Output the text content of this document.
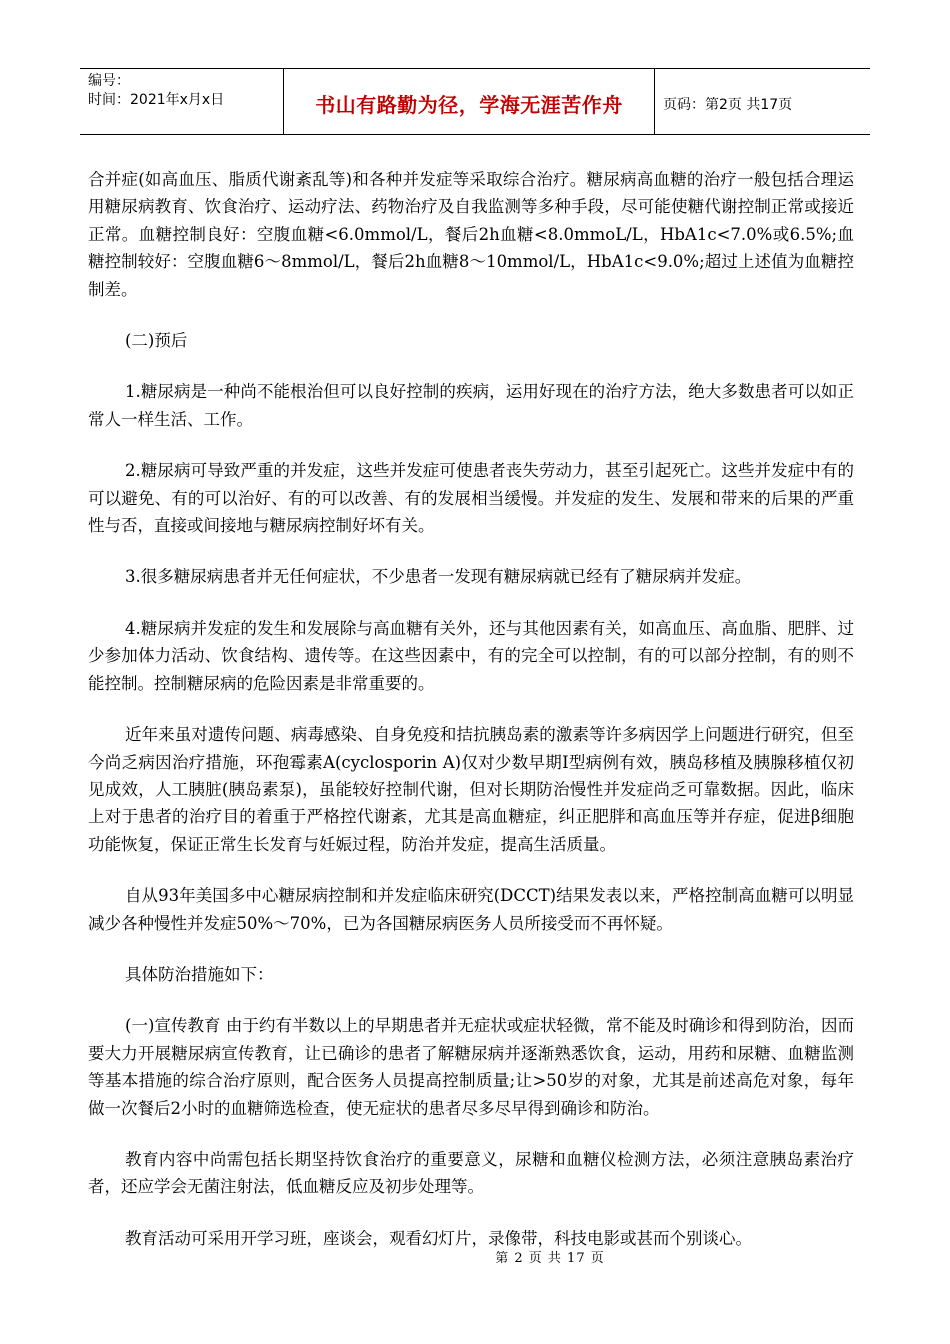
编号：
时间：2021年x月x日	书山有路勤为径，学海无涯苦作舟	页码：第2页 共17页

合并症(如高血压、脂质代谢紊乱等)和各种并发症等采取综合治疗。糖尿病高血糖的治疗一般包括合理运用糖尿病教育、饮食治疗、运动疗法、药物治疗及自我监测等多种手段，尽可能使糖代谢控制正常或接近正常。血糖控制良好：空腹血糖<6.0mmol/L，餐后2h血糖<8.0mmoL/L，HbA1c<7.0%或6.5%;血糖控制较好：空腹血糖6～8mmol/L，餐后2h血糖8～10mmol/L，HbA1c<9.0%;超过上述值为血糖控制差。

(二)预后

1.糖尿病是一种尚不能根治但可以良好控制的疾病，运用好现在的治疗方法，绝大多数患者可以如正常人一样生活、工作。

2.糖尿病可导致严重的并发症，这些并发症可使患者丧失劳动力，甚至引起死亡。这些并发症中有的可以避免、有的可以治好、有的可以改善、有的发展相当缓慢。并发症的发生、发展和带来的后果的严重性与否，直接或间接地与糖尿病控制好坏有关。

3.很多糖尿病患者并无任何症状，不少患者一发现有糖尿病就已经有了糖尿病并发症。

4.糖尿病并发症的发生和发展除与高血糖有关外，还与其他因素有关，如高血压、高血脂、肥胖、过少参加体力活动、饮食结构、遗传等。在这些因素中，有的完全可以控制，有的可以部分控制，有的则不能控制。控制糖尿病的危险因素是非常重要的。

近年来虽对遗传问题、病毒感染、自身免疫和拮抗胰岛素的激素等许多病因学上问题进行研究，但至今尚乏病因治疗措施，环孢霉素A(cyclosporin A)仅对少数早期Ⅰ型病例有效，胰岛移植及胰腺移植仅初见成效，人工胰脏(胰岛素泵)，虽能较好控制代谢，但对长期防治慢性并发症尚乏可靠数据。因此，临床上对于患者的治疗目的着重于严格控代谢紊，尤其是高血糖症，纠正肥胖和高血压等并存症，促进β细胞功能恢复，保证正常生长发育与妊娠过程，防治并发症，提高生活质量。

自从93年美国多中心糖尿病控制和并发症临床研究(DCCT)结果发表以来，严格控制高血糖可以明显减少各种慢性并发症50%～70%，已为各国糖尿病医务人员所接受而不再怀疑。

具体防治措施如下：

(一)宣传教育 由于约有半数以上的早期患者并无症状或症状轻微，常不能及时确诊和得到防治，因而要大力开展糖尿病宣传教育，让已确诊的患者了解糖尿病并逐渐熟悉饮食，运动，用药和尿糖、血糖监测等基本措施的综合治疗原则，配合医务人员提高控制质量;让>50岁的对象，尤其是前述高危对象，每年做一次餐后2小时的血糖筛选检查，使无症状的患者尽多尽早得到确诊和防治。

教育内容中尚需包括长期坚持饮食治疗的重要意义，尿糖和血糖仪检测方法，必须注意胰岛素治疗者，还应学会无菌注射法，低血糖反应及初步处理等。

教育活动可采用开学习班，座谈会，观看幻灯片，录像带，科技电影或甚而个别谈心。

第 2 页 共 17 页
